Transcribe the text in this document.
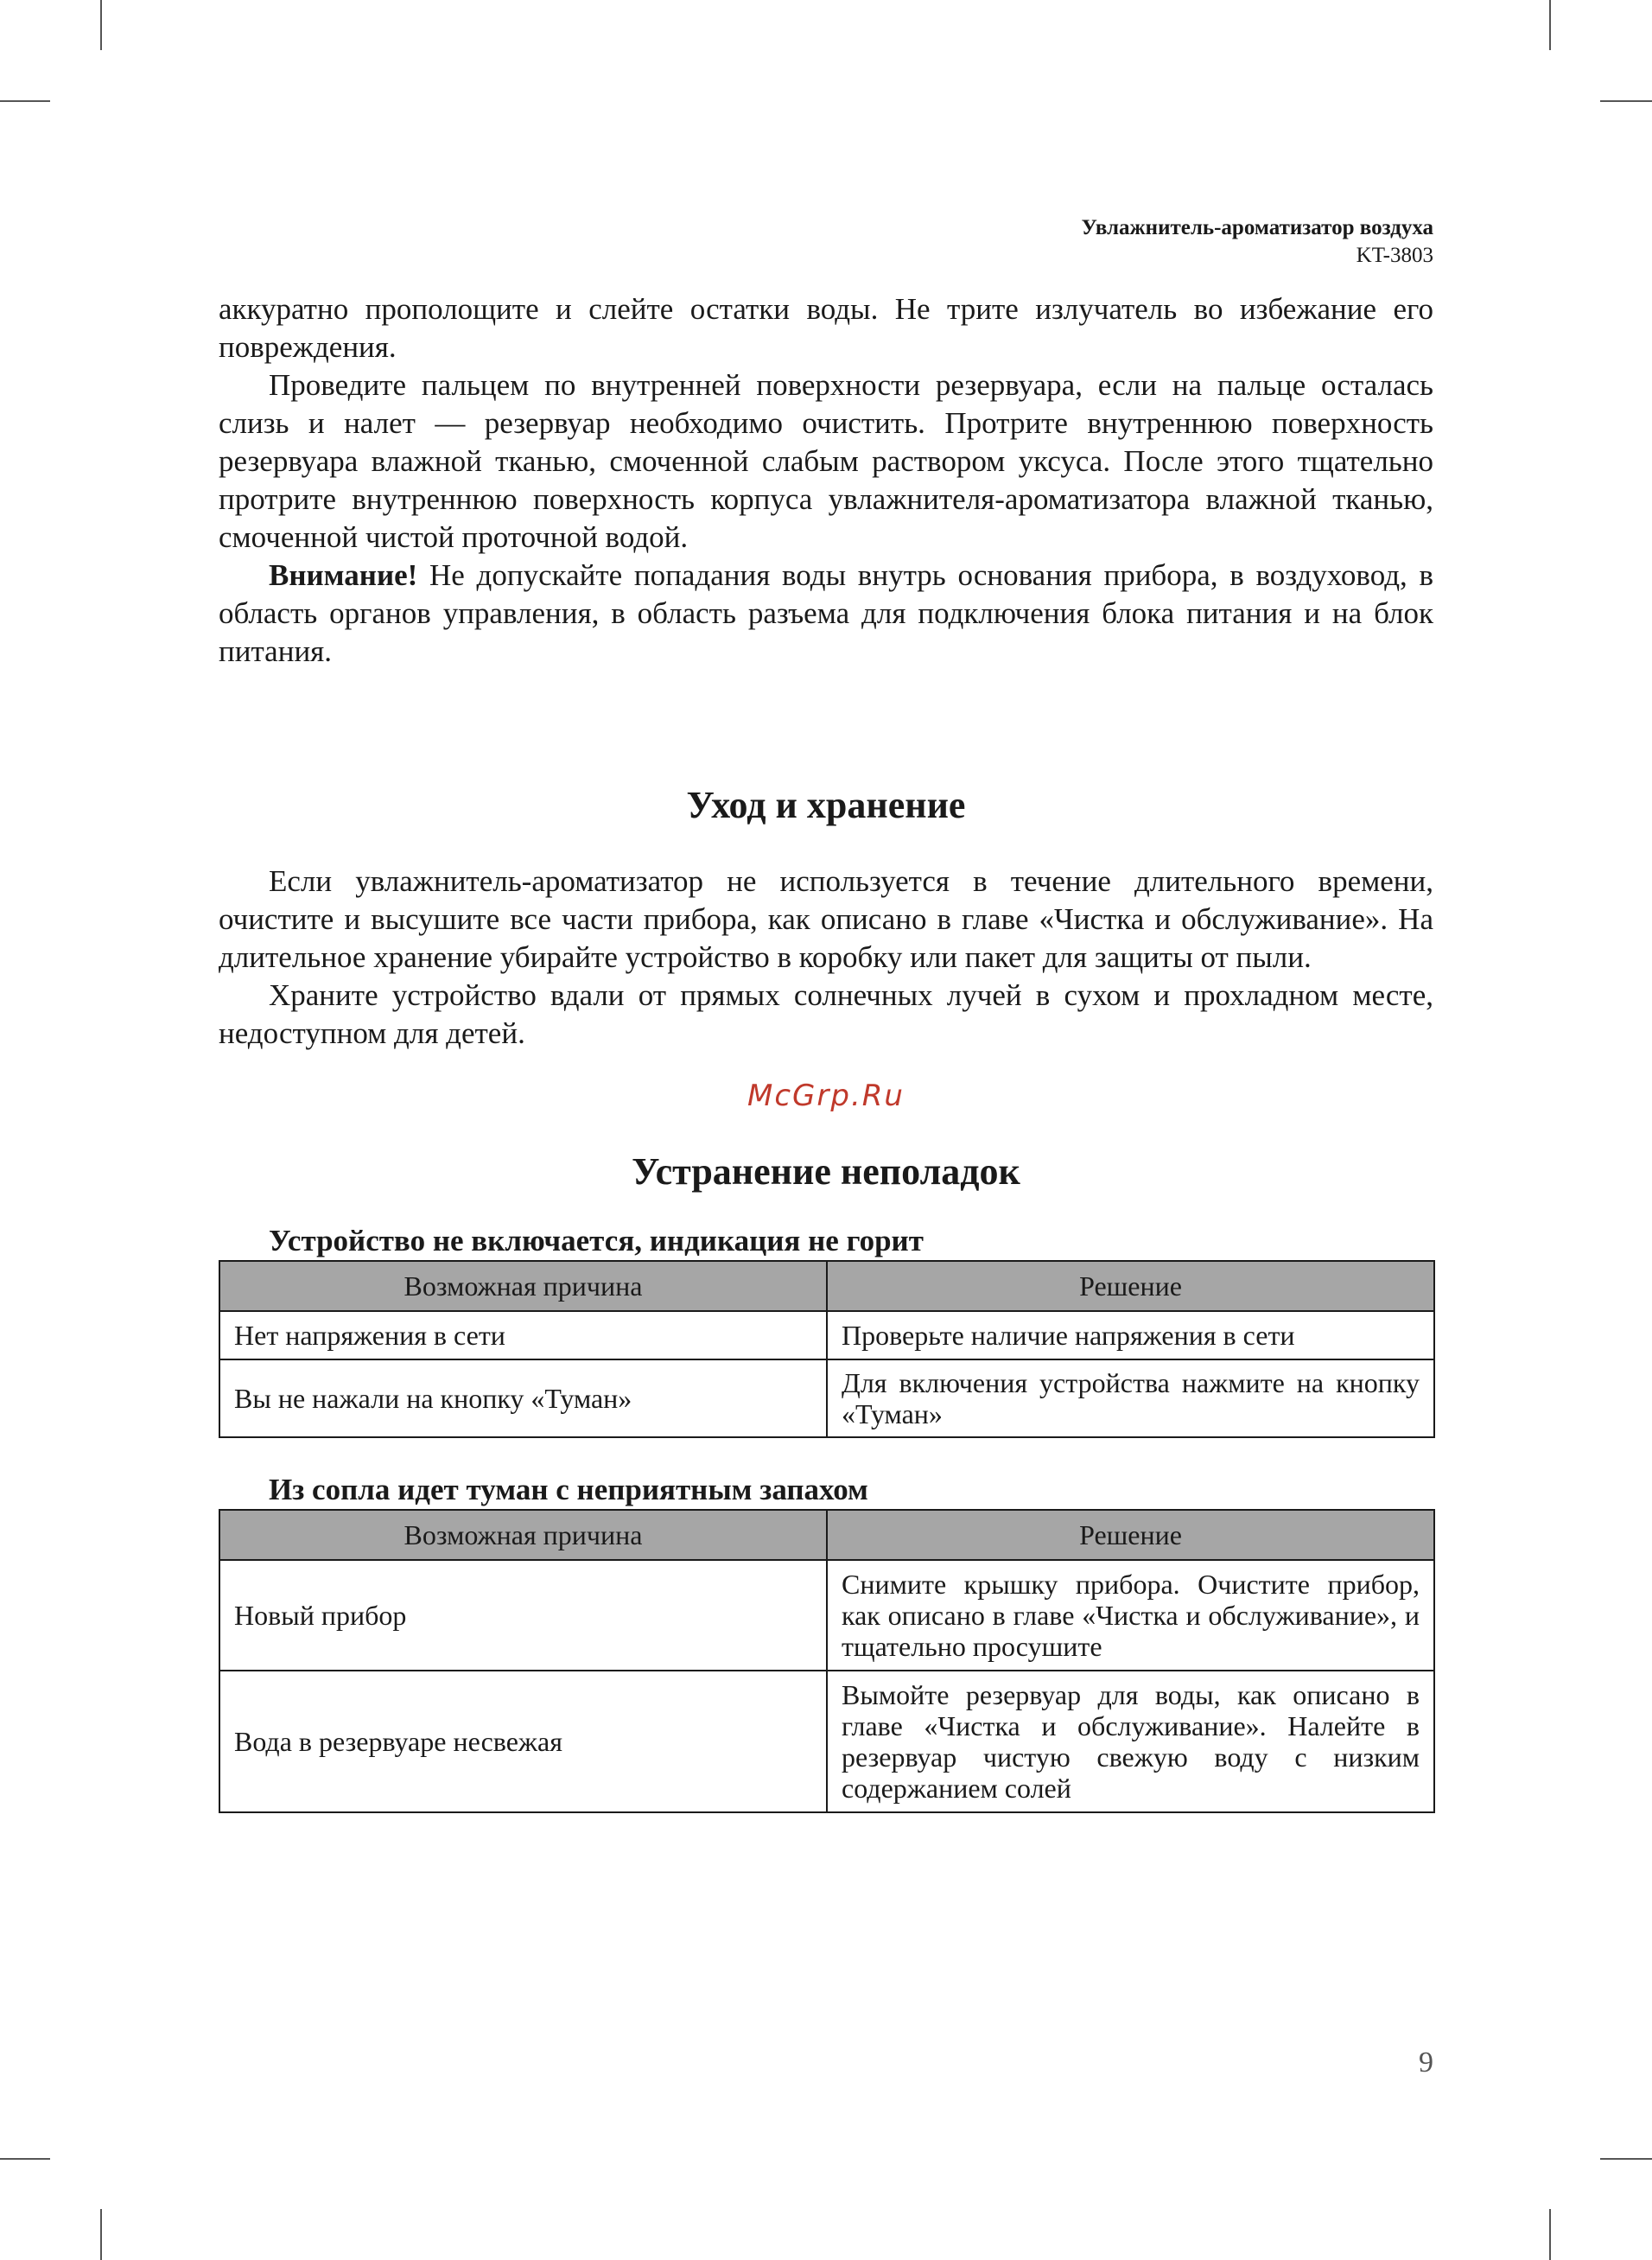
Увлажнитель-ароматизатор воздуха
KT-3803

аккуратно прополощите и слейте остатки воды. Не трите излучатель во избежание его повреждения.

Проведите пальцем по внутренней поверхности резервуара, если на пальце осталась слизь и налет — резервуар необходимо очистить. Протрите внутреннюю поверхность резервуара влажной тканью, смоченной слабым раствором уксуса. После этого тщательно протрите внутреннюю поверхность корпуса увлажнителя-ароматизатора влажной тканью, смоченной чистой проточной водой.

Внимание! Не допускайте попадания воды внутрь основания прибора, в воздуховод, в область органов управления, в область разъема для подключения блока питания и на блок питания.

Уход и хранение

Если увлажнитель-ароматизатор не используется в течение длительного времени, очистите и высушите все части прибора, как описано в главе «Чистка и обслуживание». На длительное хранение убирайте устройство в коробку или пакет для защиты от пыли.

Храните устройство вдали от прямых солнечных лучей в сухом и прохладном месте, недоступном для детей.

McGrp.Ru
Устранение неполадок
Устройство не включается, индикация не горит
Возможная причина	Решение
Нет напряжения в сети	Проверьте наличие напряжения в сети
Вы не нажали на кнопку «Туман»	Для включения устройства нажмите на кнопку «Туман»
Из сопла идет туман с неприятным запахом
Возможная причина	Решение
Новый прибор	Снимите крышку прибора. Очистите прибор, как описано в главе «Чистка и обслуживание», и тщательно просушите
Вода в резервуаре несвежая	Вымойте резервуар для воды, как описано в главе «Чистка и обслуживание». Налейте в резервуар чистую свежую воду с низким содержанием солей
9
